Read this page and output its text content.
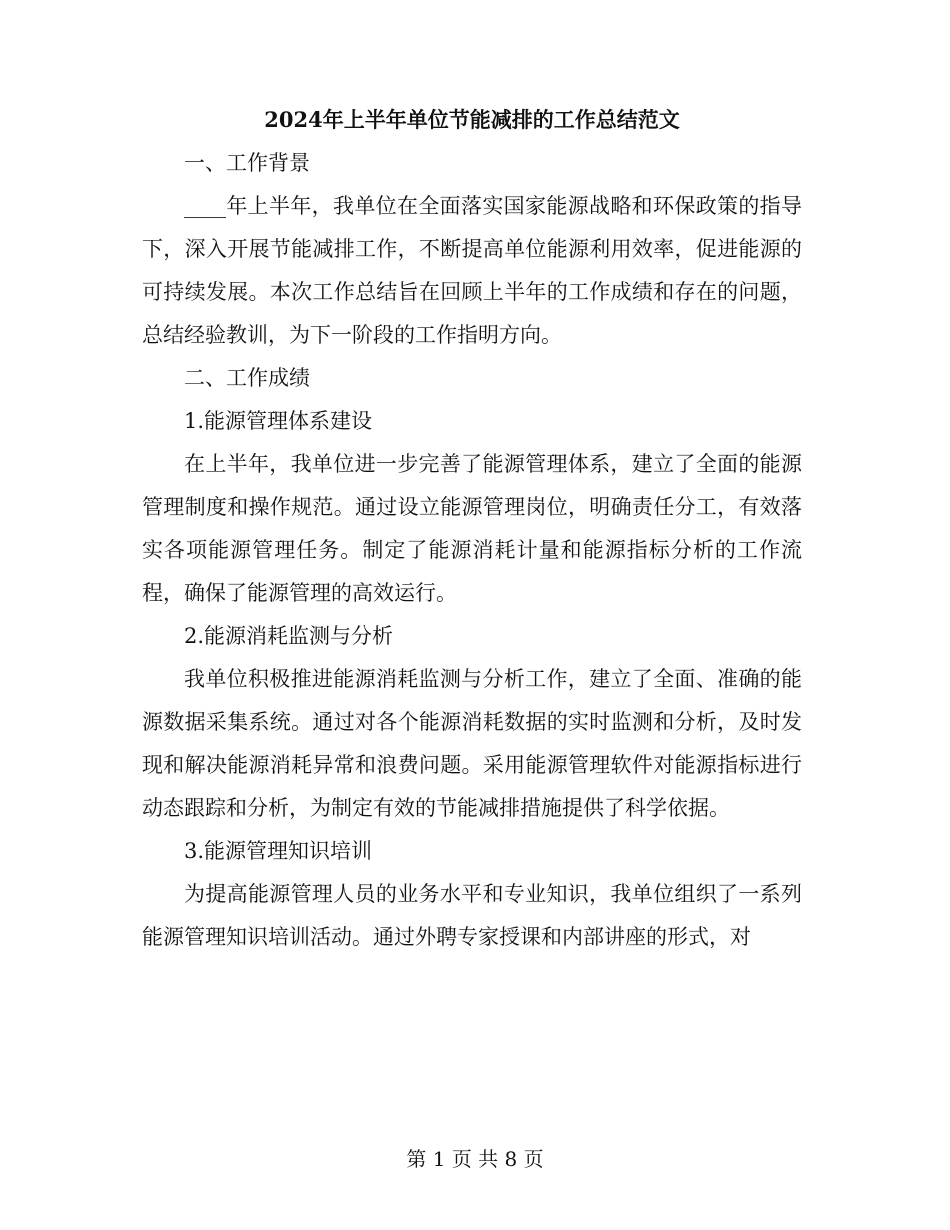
2024年上半年单位节能减排的工作总结范文

一、工作背景

____年上半年，我单位在全面落实国家能源战略和环保政策的指导下，深入开展节能减排工作，不断提高单位能源利用效率，促进能源的可持续发展。本次工作总结旨在回顾上半年的工作成绩和存在的问题，总结经验教训，为下一阶段的工作指明方向。

二、工作成绩

1.能源管理体系建设

在上半年，我单位进一步完善了能源管理体系，建立了全面的能源管理制度和操作规范。通过设立能源管理岗位，明确责任分工，有效落实各项能源管理任务。制定了能源消耗计量和能源指标分析的工作流程，确保了能源管理的高效运行。

2.能源消耗监测与分析

我单位积极推进能源消耗监测与分析工作，建立了全面、准确的能源数据采集系统。通过对各个能源消耗数据的实时监测和分析，及时发现和解决能源消耗异常和浪费问题。采用能源管理软件对能源指标进行动态跟踪和分析，为制定有效的节能减排措施提供了科学依据。

3.能源管理知识培训

为提高能源管理人员的业务水平和专业知识，我单位组织了一系列能源管理知识培训活动。通过外聘专家授课和内部讲座的形式，对

第 1 页 共 8 页
